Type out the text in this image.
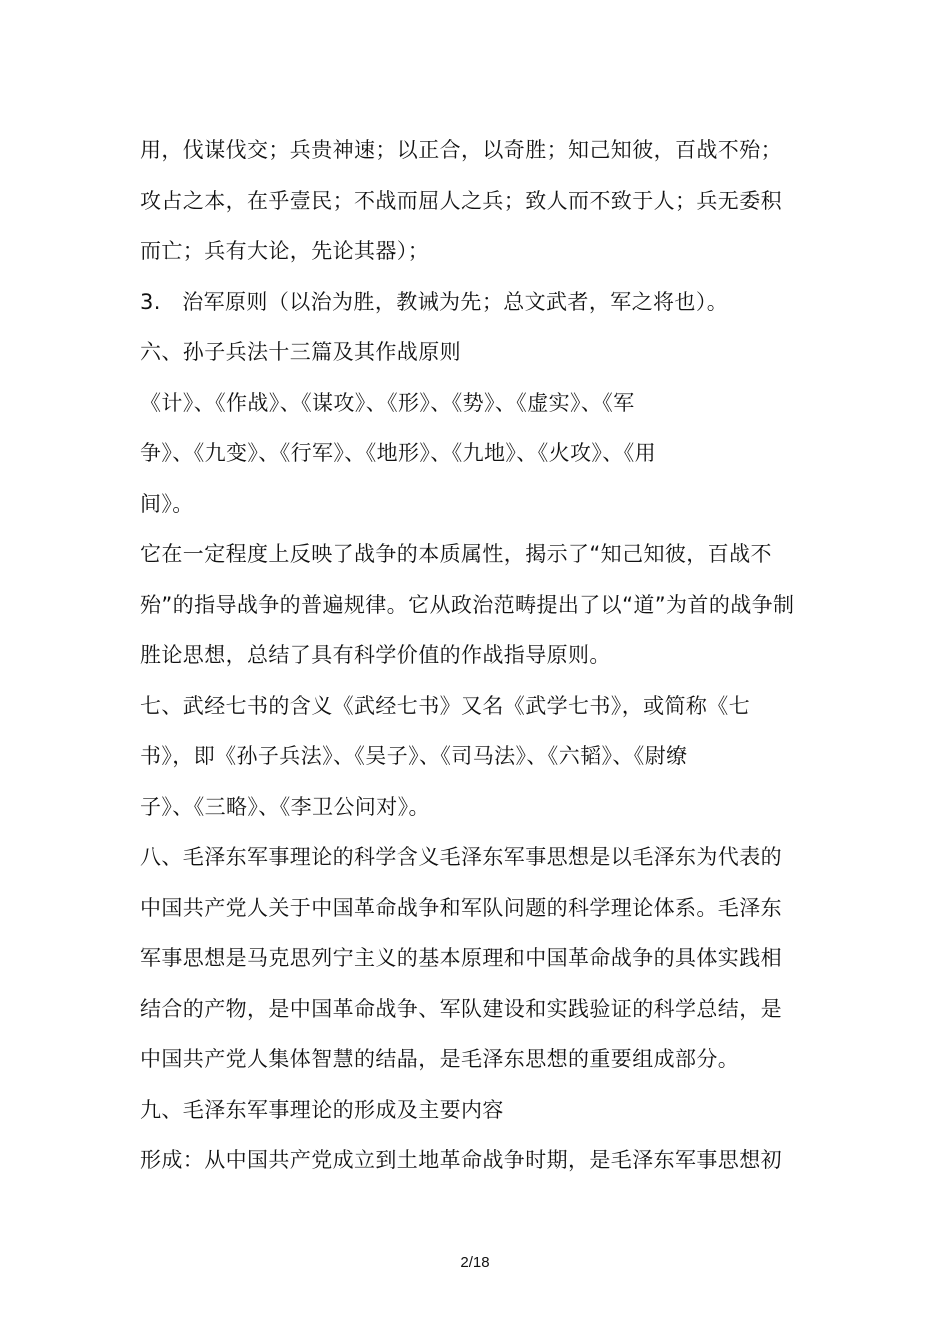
用，伐谋伐交；兵贵神速；以正合，以奇胜；知己知彼，百战不殆；
攻占之本，在乎壹民；不战而屈人之兵；致人而不致于人；兵无委积
而亡；兵有大论，先论其器）；
3.　治军原则（以治为胜，教诫为先；总文武者，军之将也）。
六、孙子兵法十三篇及其作战原则
《计》、《作战》、《谋攻》、《形》、《势》、《虚实》、《军
争》、《九变》、《行军》、《地形》、《九地》、《火攻》、《用
间》。
它在一定程度上反映了战争的本质属性，揭示了“知己知彼，百战不
殆”的指导战争的普遍规律。它从政治范畴提出了以“道”为首的战争制
胜论思想，总结了具有科学价值的作战指导原则。
七、武经七书的含义《武经七书》又名《武学七书》，或简称《七
书》，即《孙子兵法》、《吴子》、《司马法》、《六韬》、《尉缭
子》、《三略》、《李卫公问对》。
八、毛泽东军事理论的科学含义毛泽东军事思想是以毛泽东为代表的
中国共产党人关于中国革命战争和军队问题的科学理论体系。毛泽东
军事思想是马克思列宁主义的基本原理和中国革命战争的具体实践相
结合的产物，是中国革命战争、军队建设和实践验证的科学总结，是
中国共产党人集体智慧的结晶，是毛泽东思想的重要组成部分。
九、毛泽东军事理论的形成及主要内容
形成：从中国共产党成立到土地革命战争时期，是毛泽东军事思想初
2/18
